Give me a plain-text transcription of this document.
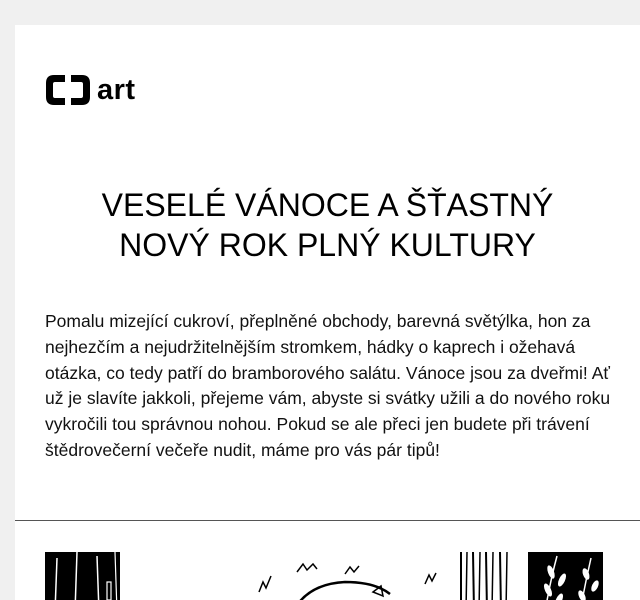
art
VESELÉ VÁNOCE A ŠŤASTNÝ
NOVÝ ROK PLNÝ KULTURY

Pomalu mizející cukroví, přeplněné obchody, barevná světýlka, hon za nejhezčím a nejudržitelnějším stromkem, hádky o kaprech i ožehavá otázka, co tedy patří do bramborového salátu. Vánoce jsou za dveřmi! Ať už je slavíte jakkoli, přejeme vám, abyste si svátky užili a do nového roku vykročili tou správnou nohou. Pokud se ale přeci jen budete při trávení štědrovečerní večeře nudit, máme pro vás pár tipů!
